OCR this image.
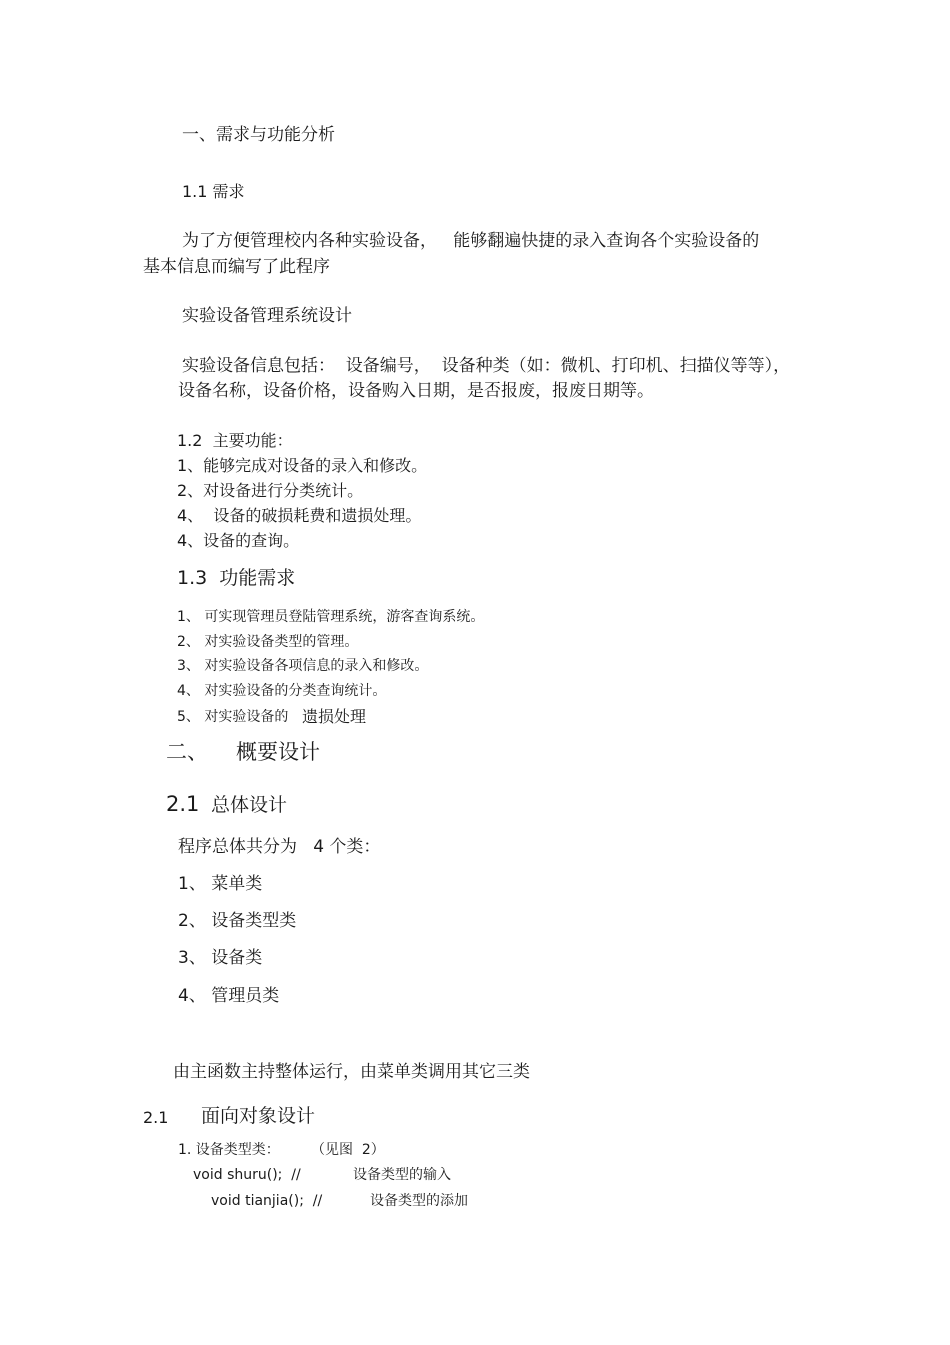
一、需求与功能分析
1.1 需求
为了方便管理校内各种实验设备，   能够翻遍快捷的录入查询各个实验设备的
基本信息而编写了此程序
实验设备管理系统设计
实验设备信息包括：  设备编号，  设备种类（如：微机、打印机、扫描仪等等），
设备名称，设备价格，设备购入日期，是否报废，报废日期等。
1.2  主要功能：
1、能够完成对设备的录入和修改。
2、对设备进行分类统计。
4、  设备的破损耗费和遗损处理。
4、设备的查询。
1.3  功能需求
1、 可实现管理员登陆管理系统，游客查询系统。
2、 对实验设备类型的管理。
3、 对实验设备各项信息的录入和修改。
4、 对实验设备的分类查询统计。
5、 对实验设备的 遗损处理
二、 概要设计
2.1 总体设计
程序总体共分为   4 个类：
1、 菜单类
2、 设备类型类
3、 设备类
4、 管理员类
由主函数主持整体运行，由菜单类调用其它三类
2.1 面向对象设计
1. 设备类型类：       （见图  2）
void shuru();  //	设备类型的输入
void tianjia();  //	设备类型的添加
